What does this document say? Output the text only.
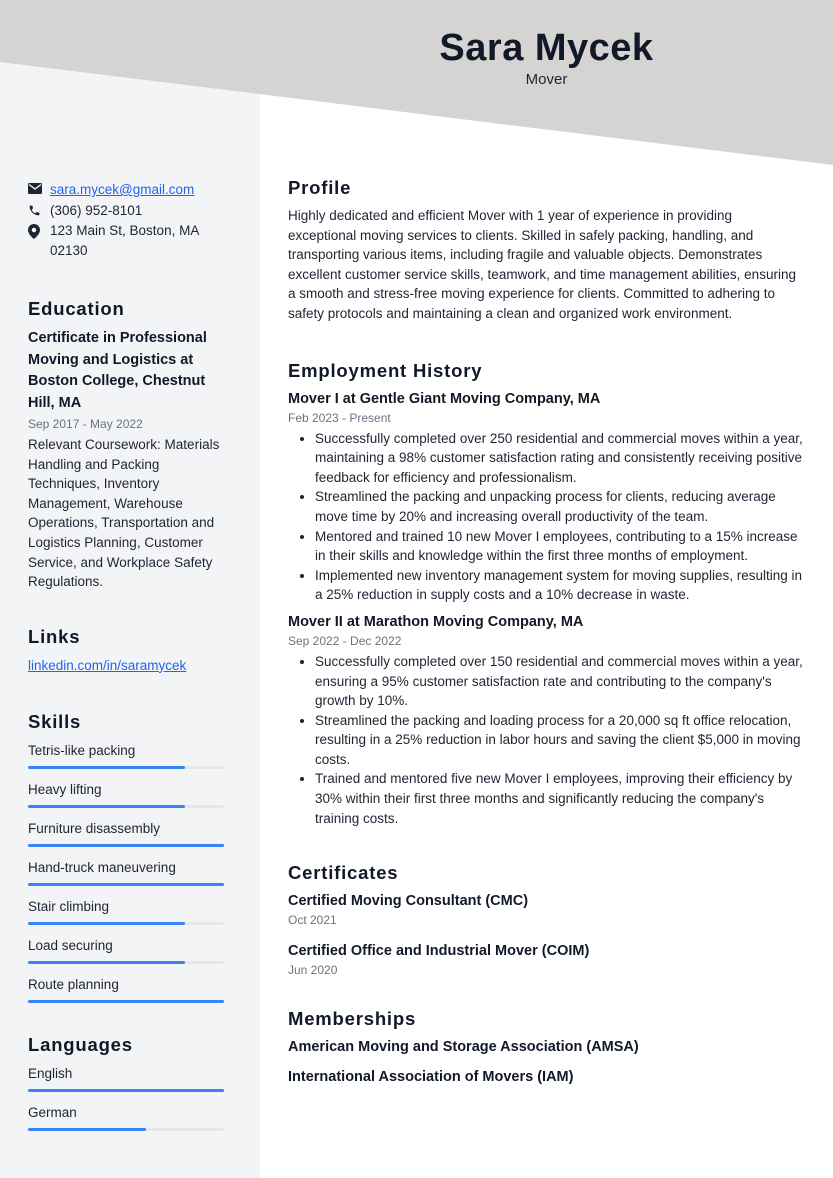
Sara Mycek
Mover
sara.mycek@gmail.com
(306) 952-8101
123 Main St, Boston, MA 02130
Education
Certificate in Professional Moving and Logistics at Boston College, Chestnut Hill, MA
Sep 2017 - May 2022
Relevant Coursework: Materials Handling and Packing Techniques, Inventory Management, Warehouse Operations, Transportation and Logistics Planning, Customer Service, and Workplace Safety Regulations.
Links
linkedin.com/in/saramycek
Skills
Tetris-like packing
Heavy lifting
Furniture disassembly
Hand-truck maneuvering
Stair climbing
Load securing
Route planning
Languages
English
German
Profile
Highly dedicated and efficient Mover with 1 year of experience in providing exceptional moving services to clients. Skilled in safely packing, handling, and transporting various items, including fragile and valuable objects. Demonstrates excellent customer service skills, teamwork, and time management abilities, ensuring a smooth and stress-free moving experience for clients. Committed to adhering to safety protocols and maintaining a clean and organized work environment.
Employment History
Mover I at Gentle Giant Moving Company, MA
Feb 2023 - Present
• Successfully completed over 250 residential and commercial moves within a year, maintaining a 98% customer satisfaction rating and consistently receiving positive feedback for efficiency and professionalism.
• Streamlined the packing and unpacking process for clients, reducing average move time by 20% and increasing overall productivity of the team.
• Mentored and trained 10 new Mover I employees, contributing to a 15% increase in their skills and knowledge within the first three months of employment.
• Implemented new inventory management system for moving supplies, resulting in a 25% reduction in supply costs and a 10% decrease in waste.
Mover II at Marathon Moving Company, MA
Sep 2022 - Dec 2022
• Successfully completed over 150 residential and commercial moves within a year, ensuring a 95% customer satisfaction rate and contributing to the company's growth by 10%.
• Streamlined the packing and loading process for a 20,000 sq ft office relocation, resulting in a 25% reduction in labor hours and saving the client $5,000 in moving costs.
• Trained and mentored five new Mover I employees, improving their efficiency by 30% within their first three months and significantly reducing the company's training costs.
Certificates
Certified Moving Consultant (CMC)
Oct 2021
Certified Office and Industrial Mover (COIM)
Jun 2020
Memberships
American Moving and Storage Association (AMSA)
International Association of Movers (IAM)
